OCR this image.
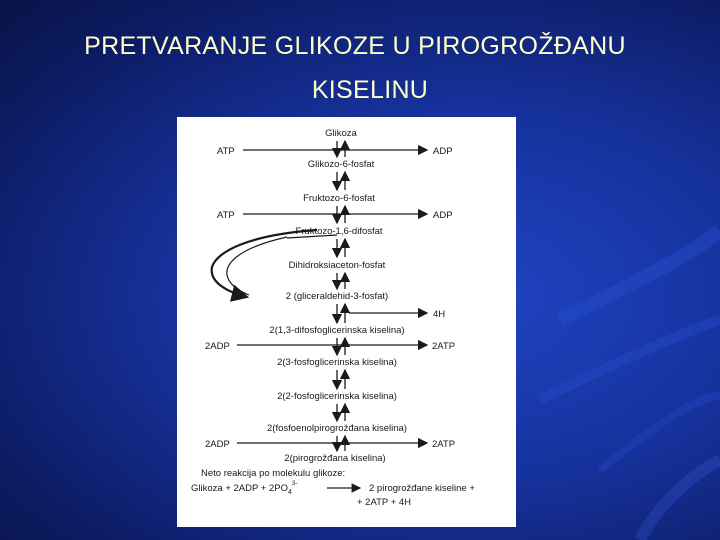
PRETVARANJE GLIKOZE U PIROGROŽĐANU
KISELINU
Glikoza
Glikozo-6-fosfat
Fruktozo-6-fosfat
Fruktozo-1,6-difosfat
Dihidroksiaceton-fosfat
2 (gliceraldehid-3-fosfat)
2(1,3-difosfoglicerinska kiselina)
2(3-fosfoglicerinska kiselina)
2(2-fosfoglicerinska kiselina)
2(fosfoenolpirogrožđana kiselina)
2(pirogrožđana kiselina)
ATP	ADP
ATP	ADP
4H
2ADP	2ATP
2ADP	2ATP
Neto reakcija po molekulu glikoze:
Glikoza + $2ADP + 2PO_4^{3-}$	2 pirogrožđane kiseline +
+ 2ATP + 4H
